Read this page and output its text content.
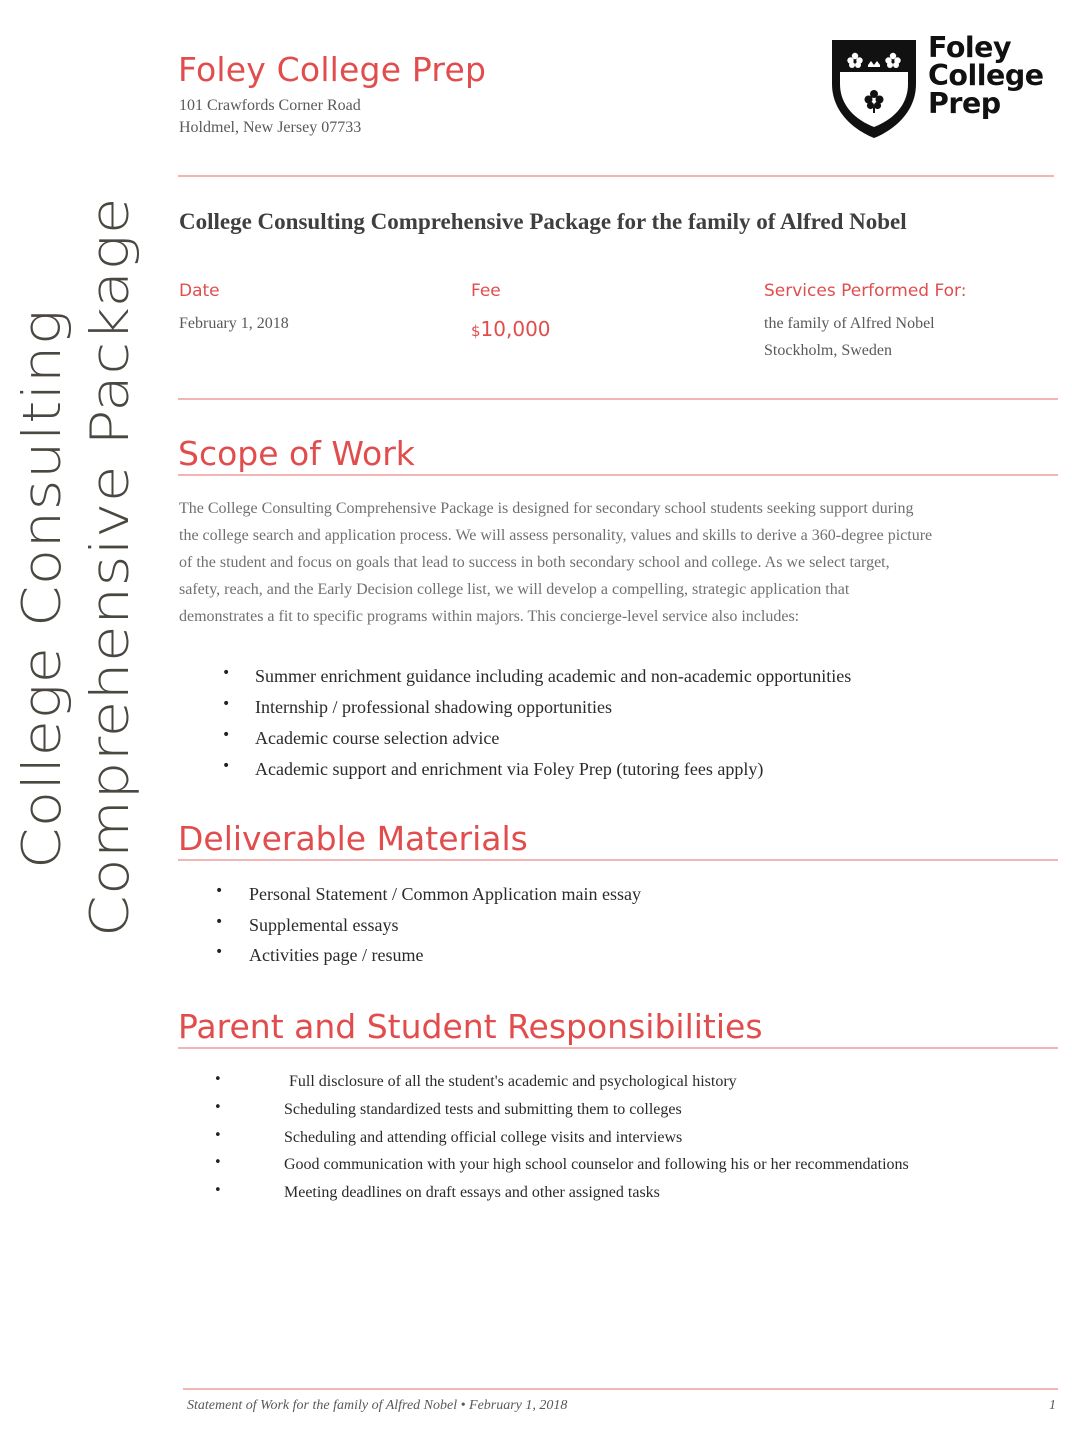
College Consulting Comprehensive Package
Foley College Prep
101 Crawfords Corner Road
Holdmel, New Jersey 07733
Foley
College
Prep
College Consulting Comprehensive Package for the family of Alfred Nobel
Date	Fee	Services Performed For:
February 1, 2018	$10,000	the family of Alfred Nobel
Stockholm, Sweden
Scope of Work
The College Consulting Comprehensive Package is designed for secondary school students seeking support during
the college search and application process. We will assess personality, values and skills to derive a 360-degree picture
of the student and focus on goals that lead to success in both secondary school and college. As we select target,
safety, reach, and the Early Decision college list, we will develop a compelling, strategic application that
demonstrates a fit to specific programs within majors. This concierge-level service also includes:
• Summer enrichment guidance including academic and non-academic opportunities
• Internship / professional shadowing opportunities
• Academic course selection advice
• Academic support and enrichment via Foley Prep (tutoring fees apply)
Deliverable Materials
• Personal Statement / Common Application main essay
• Supplemental essays
• Activities page / resume
Parent and Student Responsibilities
•	Full disclosure of all the student's academic and psychological history
•	Scheduling standardized tests and submitting them to colleges
•	Scheduling and attending official college visits and interviews
•	Good communication with your high school counselor and following his or her recommendations
•	Meeting deadlines on draft essays and other assigned tasks
Statement of Work for the family of Alfred Nobel • February 1, 2018	1
